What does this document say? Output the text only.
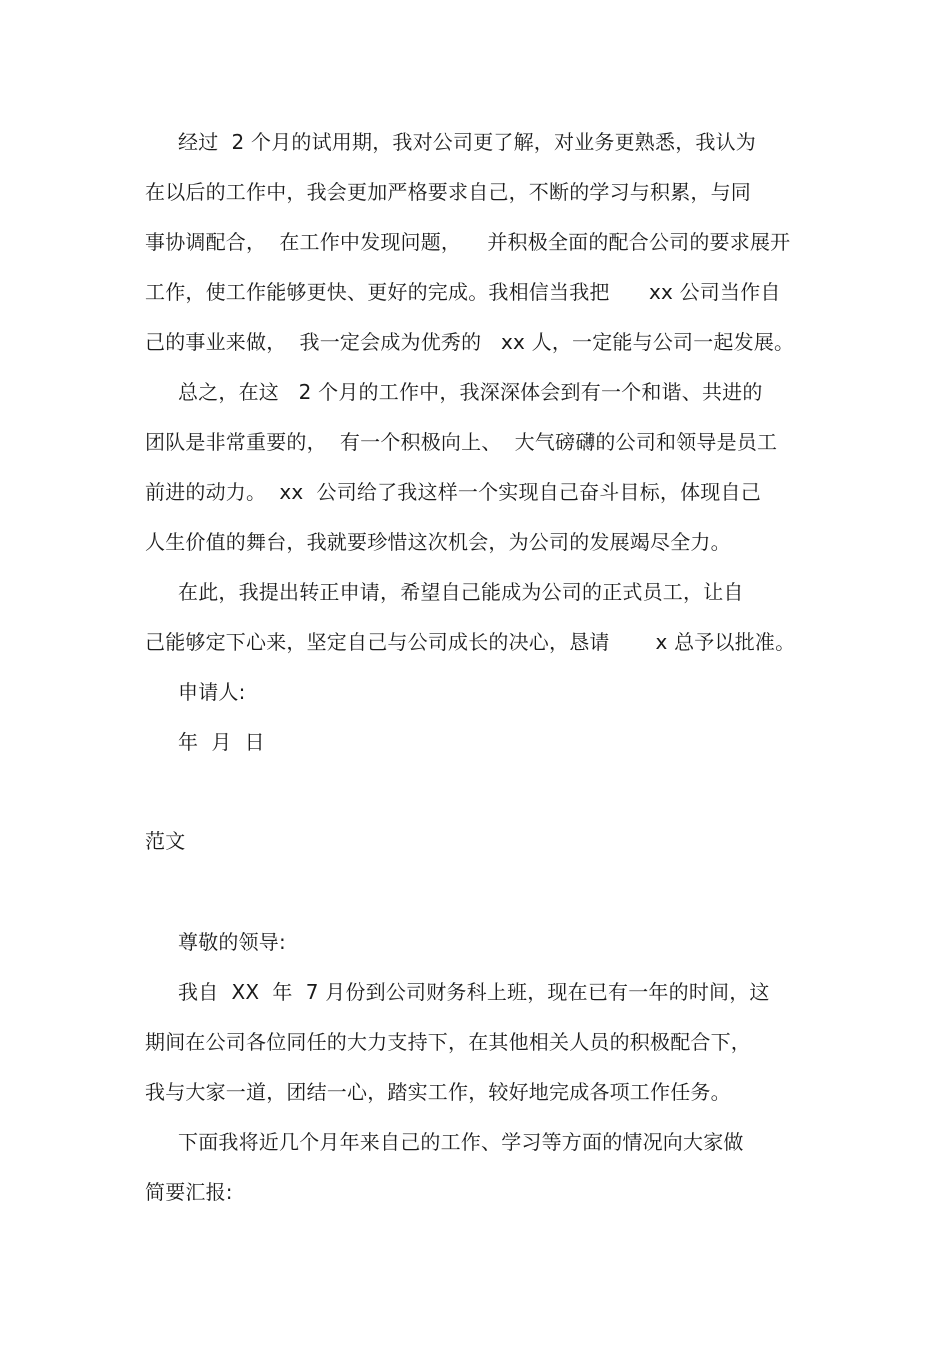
经过  2 个月的试用期，我对公司更了解，对业务更熟悉，我认为
在以后的工作中，我会更加严格要求自己，不断的学习与积累，与同
事协调配合，  在工作中发现问题，    并积极全面的配合公司的要求展开
工作，使工作能够更快、更好的完成。我相信当我把      xx 公司当作自
己的事业来做，  我一定会成为优秀的   xx 人，一定能与公司一起发展。
总之，在这   2 个月的工作中，我深深体会到有一个和谐、共进的
团队是非常重要的，  有一个积极向上、  大气磅礴的公司和领导是员工
前进的动力。  xx  公司给了我这样一个实现自己奋斗目标，体现自己
人生价值的舞台，我就要珍惜这次机会，为公司的发展竭尽全力。
在此，我提出转正申请，希望自己能成为公司的正式员工，让自
己能够定下心来，坚定自己与公司成长的决心，恳请       x 总予以批准。
申请人:
年  月  日
范文
尊敬的领导:
我自  XX  年  7 月份到公司财务科上班，现在已有一年的时间，这
期间在公司各位同任的大力支持下，在其他相关人员的积极配合下，
我与大家一道，团结一心，踏实工作，较好地完成各项工作任务。
下面我将近几个月年来自己的工作、学习等方面的情况向大家做
简要汇报:
